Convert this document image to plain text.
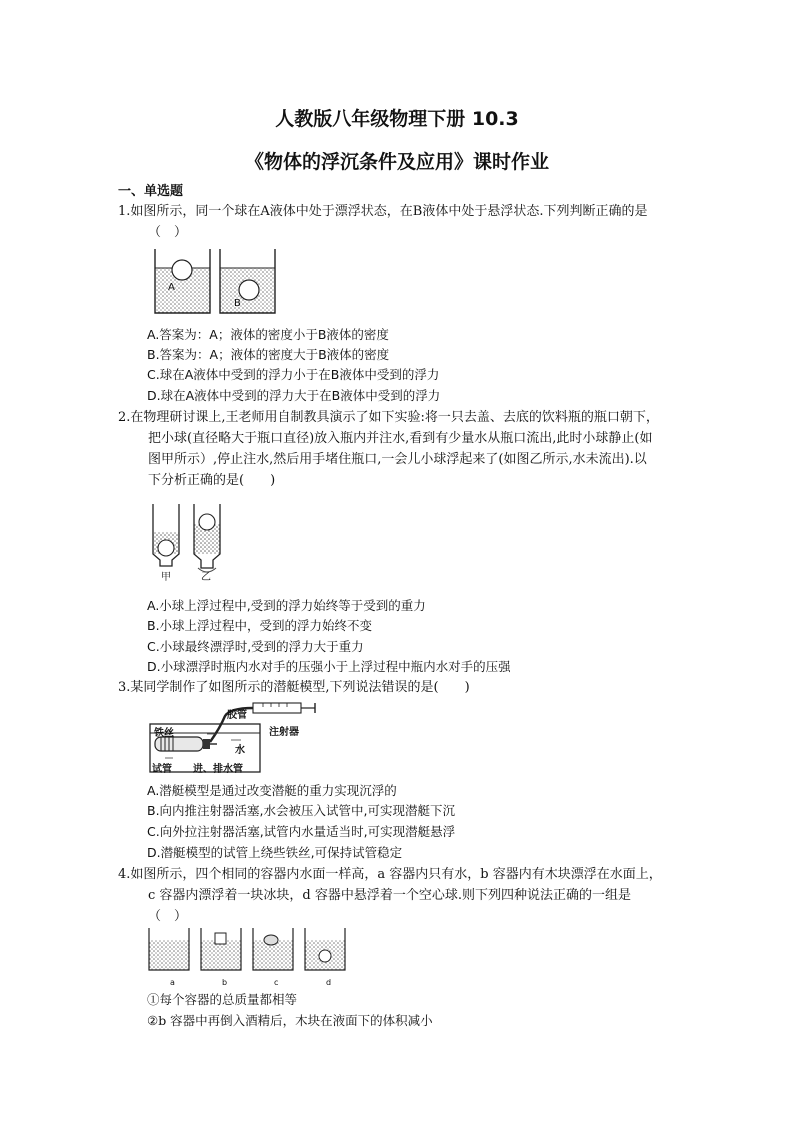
人教版八年级物理下册 10.3
《物体的浮沉条件及应用》课时作业
一、单选题
1.如图所示，同一个球在A液体中处于漂浮状态，在B液体中处于悬浮状态.下列判断正确的是
（　）
A
B
A.答案为：A；液体的密度小于B液体的密度
B.答案为：A；液体的密度大于B液体的密度
C.球在A液体中受到的浮力小于在B液体中受到的浮力
D.球在A液体中受到的浮力大于在B液体中受到的浮力
2.在物理研讨课上,王老师用自制教具演示了如下实验:将一只去盖、去底的饮料瓶的瓶口朝下，

把小球(直径略大于瓶口直径)放入瓶内并注水,看到有少量水从瓶口流出,此时小球静止(如
图甲所示）,停止注水,然后用手堵住瓶口,一会儿小球浮起来了(如图乙所示,水未流出).以
下分析正确的是(　　)
甲	乙
A.小球上浮过程中,受到的浮力始终等于受到的重力
B.小球上浮过程中，受到的浮力始终不变
C.小球最终漂浮时,受到的浮力大于重力
D.小球漂浮时瓶内水对手的压强小于上浮过程中瓶内水对手的压强
3.某同学制作了如图所示的潜艇模型,下列说法错误的是(　　)
胶管
注射器
铁丝
水
试管 进、排水管
A.潜艇模型是通过改变潜艇的重力实现沉浮的
B.向内推注射器活塞,水会被压入试管中,可实现潜艇下沉
C.向外拉注射器活塞,试管内水量适当时,可实现潜艇悬浮
D.潜艇模型的试管上绕些铁丝,可保持试管稳定
4.如图所示，四个相同的容器内水面一样高，a 容器内只有水，b 容器内有木块漂浮在水面上，

c 容器内漂浮着一块冰块，d 容器中悬浮着一个空心球.则下列四种说法正确的一组是
（　）
a	b	c	d
①每个容器的总质量都相等
②b 容器中再倒入酒精后，木块在液面下的体积减小
